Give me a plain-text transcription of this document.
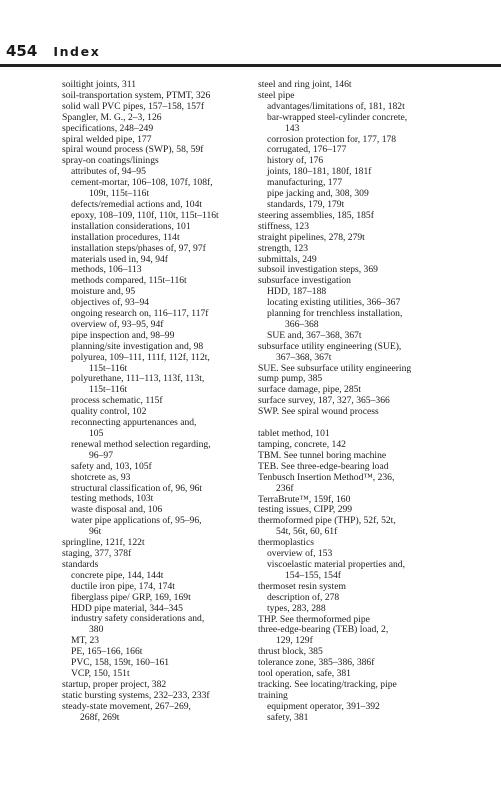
454 Index
soiltight joints, 311
soil-transportation system, PTMT, 326
solid wall PVC pipes, 157–158, 157f
Spangler, M. G., 2–3, 126
specifications, 248–249
spiral welded pipe, 177
spiral wound process (SWP), 58, 59f
spray-on coatings/linings
attributes of, 94–95
cement-mortar, 106–108, 107f, 108f,
109t, 115t–116t
defects/remedial actions and, 104t
epoxy, 108–109, 110f, 110t, 115t–116t
installation considerations, 101
installation procedures, 114t
installation steps/phases of, 97, 97f
materials used in, 94, 94f
methods, 106–113
methods compared, 115t–116t
moisture and, 95
objectives of, 93–94
ongoing research on, 116–117, 117f
overview of, 93–95, 94f
pipe inspection and, 98–99
planning/site investigation and, 98
polyurea, 109–111, 111f, 112f, 112t,
115t–116t
polyurethane, 111–113, 113f, 113t,
115t–116t
process schematic, 115f
quality control, 102
reconnecting appurtenances and,
105
renewal method selection regarding,
96–97
safety and, 103, 105f
shotcrete as, 93
structural classification of, 96, 96t
testing methods, 103t
waste disposal and, 106
water pipe applications of, 95–96,
96t
springline, 121f, 122t
staging, 377, 378f
standards
concrete pipe, 144, 144t
ductile iron pipe, 174, 174t
fiberglass pipe/ GRP, 169, 169t
HDD pipe material, 344–345
industry safety considerations and,
380
MT, 23
PE, 165–166, 166t
PVC, 158, 159t, 160–161
VCP, 150, 151t
startup, proper project, 382
static bursting systems, 232–233, 233f
steady-state movement, 267–269,
268f, 269t
steel and ring joint, 146t
steel pipe
advantages/limitations of, 181, 182t
bar-wrapped steel-cylinder concrete,
143
corrosion protection for, 177, 178
corrugated, 176–177
history of, 176
joints, 180–181, 180f, 181f
manufacturing, 177
pipe jacking and, 308, 309
standards, 179, 179t
steering assemblies, 185, 185f
stiffness, 123
straight pipelines, 278, 279t
strength, 123
submittals, 249
subsoil investigation steps, 369
subsurface investigation
HDD, 187–188
locating existing utilities, 366–367
planning for trenchless installation,
366–368
SUE and, 367–368, 367t
subsurface utility engineering (SUE),
367–368, 367t
SUE. See subsurface utility engineering
sump pump, 385
surface damage, pipe, 285t
surface survey, 187, 327, 365–366
SWP. See spiral wound process
tablet method, 101
tamping, concrete, 142
TBM. See tunnel boring machine
TEB. See three-edge-bearing load
Tenbusch Insertion Method™, 236,
236f
TerraBrute™, 159f, 160
testing issues, CIPP, 299
thermoformed pipe (THP), 52f, 52t,
54t, 56t, 60, 61f
thermoplastics
overview of, 153
viscoelastic material properties and,
154–155, 154f
thermoset resin system
description of, 278
types, 283, 288
THP. See thermoformed pipe
three-edge-bearing (TEB) load, 2,
129, 129f
thrust block, 385
tolerance zone, 385–386, 386f
tool operation, safe, 381
tracking. See locating/tracking, pipe
training
equipment operator, 391–392
safety, 381
